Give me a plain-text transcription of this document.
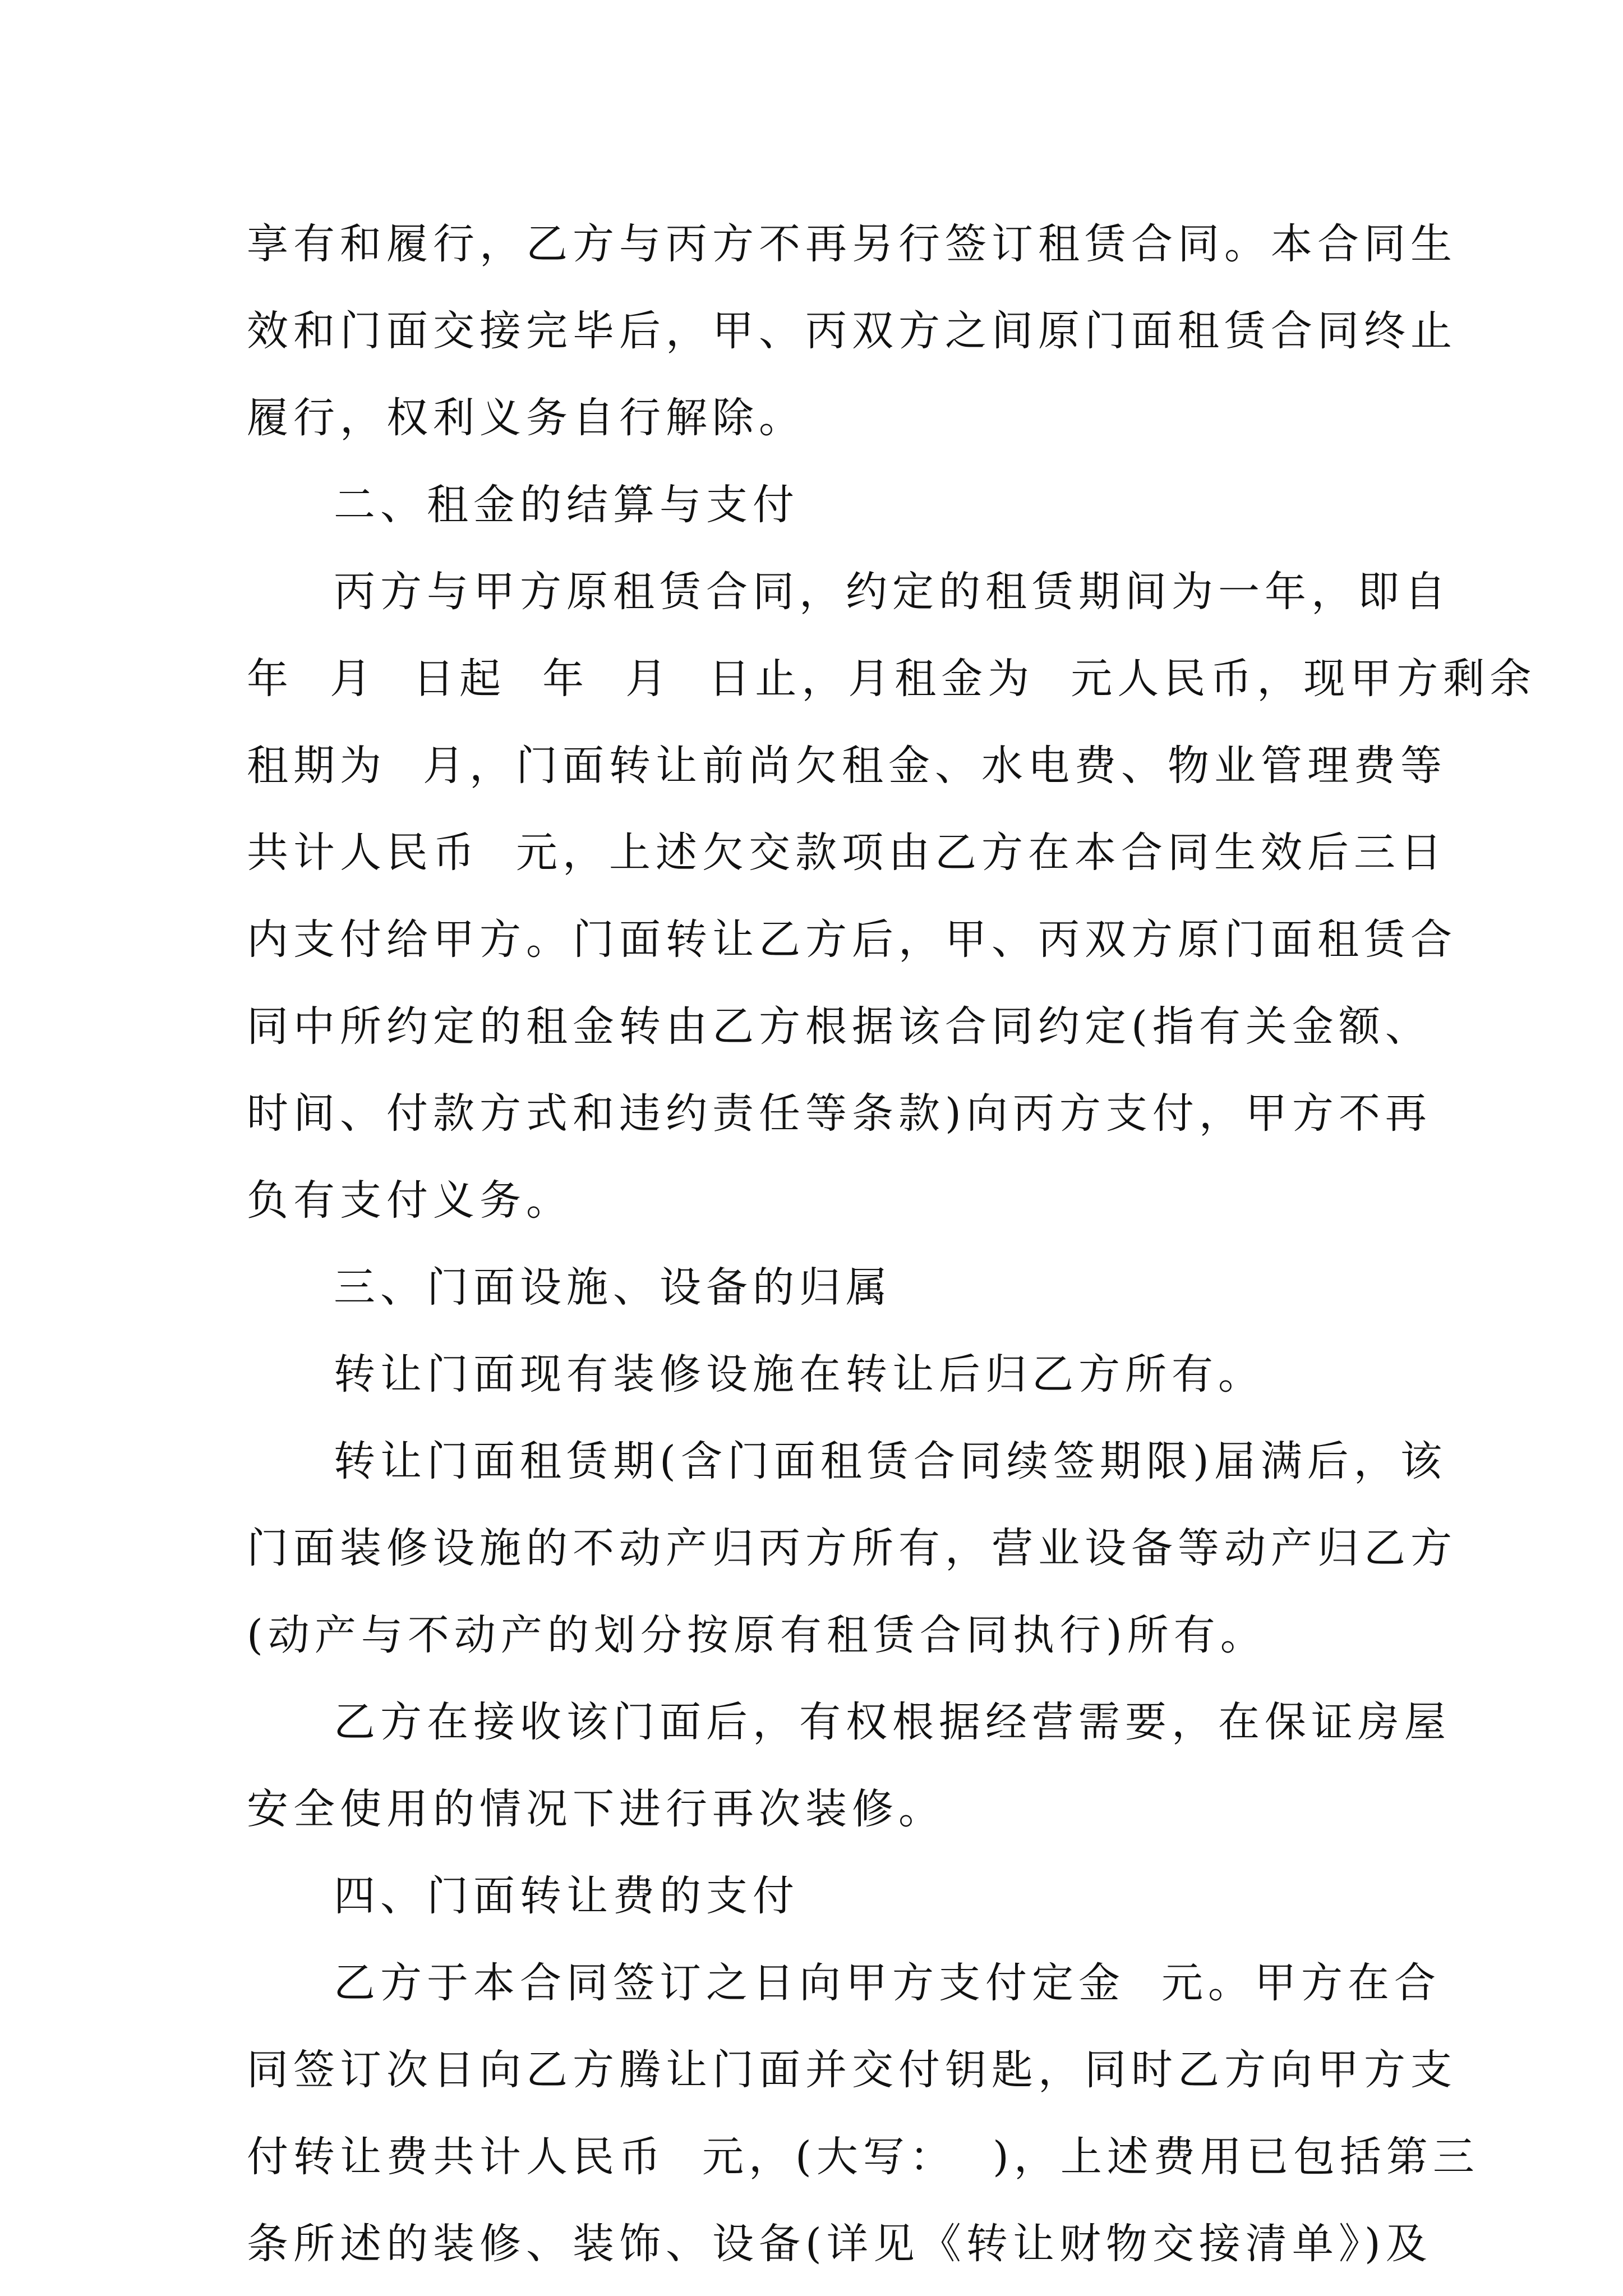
享有和履行，乙方与丙方不再另行签订租赁合同。本合同生
效和门面交接完毕后，甲、丙双方之间原门面租赁合同终止
履行，权利义务自行解除。
二、租金的结算与支付
丙方与甲方原租赁合同，约定的租赁期间为一年，即自
年  月  日起  年  月  日止，月租金为  元人民币，现甲方剩余
租期为  月，门面转让前尚欠租金、水电费、物业管理费等
共计人民币  元，上述欠交款项由乙方在本合同生效后三日
内支付给甲方。门面转让乙方后，甲、丙双方原门面租赁合
同中所约定的租金转由乙方根据该合同约定(指有关金额、
时间、付款方式和违约责任等条款)向丙方支付，甲方不再
负有支付义务。
三、门面设施、设备的归属
转让门面现有装修设施在转让后归乙方所有。
转让门面租赁期(含门面租赁合同续签期限)届满后，该
门面装修设施的不动产归丙方所有，营业设备等动产归乙方
(动产与不动产的划分按原有租赁合同执行)所有。
乙方在接收该门面后，有权根据经营需要，在保证房屋
安全使用的情况下进行再次装修。
四、门面转让费的支付
乙方于本合同签订之日向甲方支付定金  元。甲方在合
同签订次日向乙方腾让门面并交付钥匙，同时乙方向甲方支
付转让费共计人民币  元，(大写：  )，上述费用已包括第三
条所述的装修、装饰、设备(详见《转让财物交接清单》)及
